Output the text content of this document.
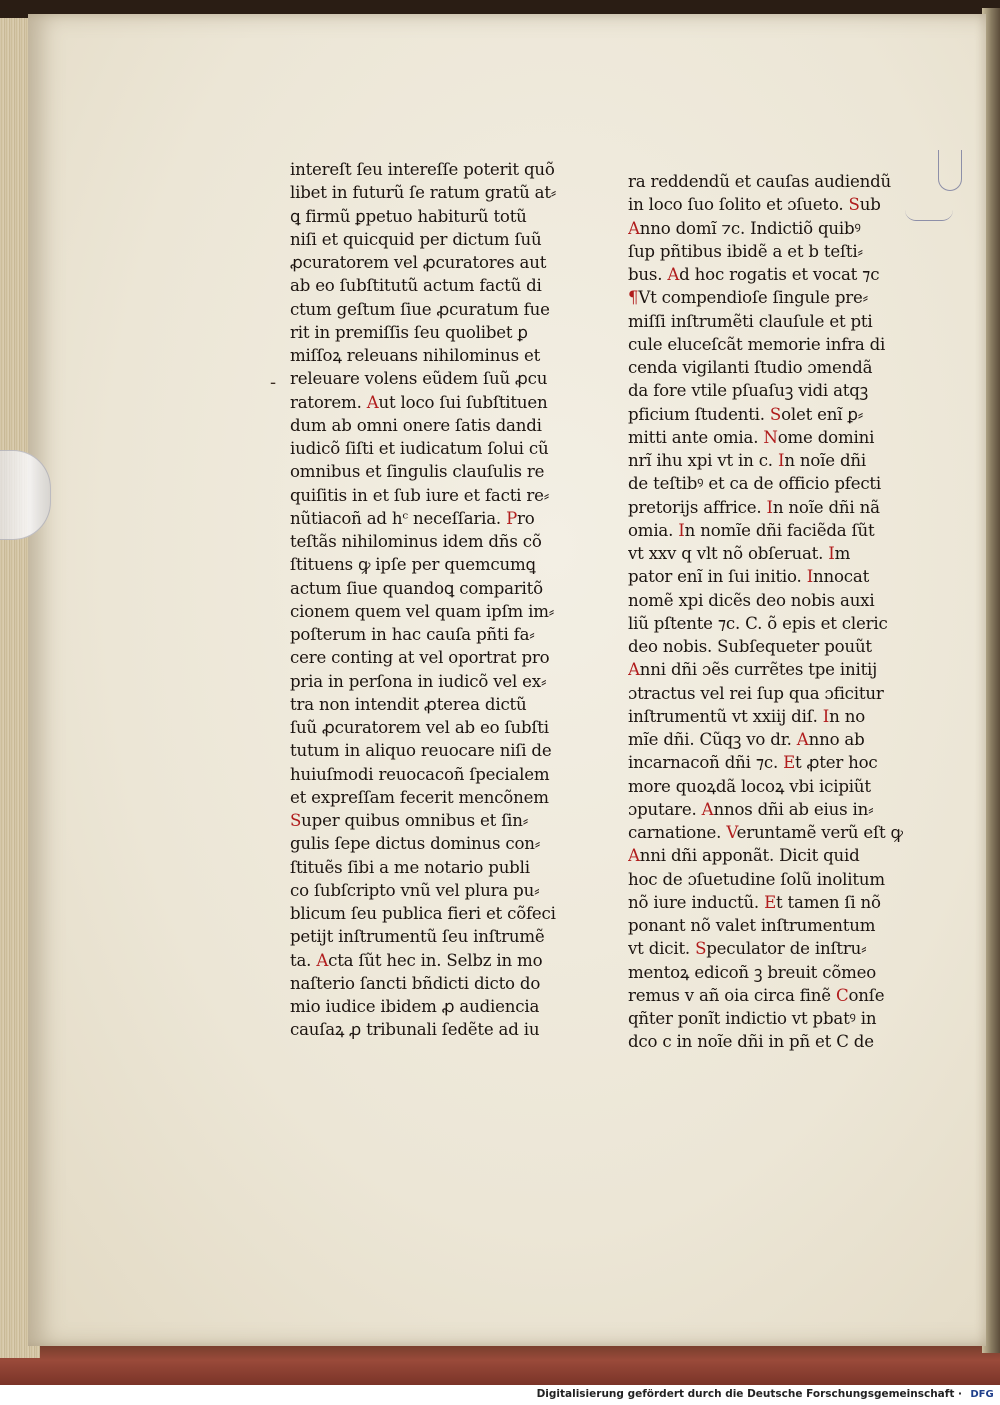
-
intereſt ſeu intereſſe poterit quõ
libet in futurũ ſe ratum gratũ at⸗
ꝗ firmũ ꝑpetuo habiturũ totũ
niſi et quicquid per dictum ſuũ
ꝓcuratorem vel ꝓcuratores aut
ab eo ſubſtitutũ actum factũ di
ctum geſtum ſiue ꝓcuratum fue
rit in premiſſis ſeu quolibet ꝑ
miſſoꝝ releuans nihilominus et
releuare volens eũdem ſuũ ꝓcu
ratorem. Aut loco ſui ſubſtituen
dum ab omni onere ſatis dandi
iudicõ ſiſti et iudicatum ſolui cũ
omnibus et ſingulis clauſulis re
quiſitis in et ſub iure et facti re⸗
nũtiacoñ ad hᶜ neceſſaria. Pro
teſtãs nihilominus idem dñs cõ
ſtituens ꝙ ipſe per quemcumꝗ
actum ſiue quandoꝗ comparitõ
cionem quem vel quam ipſm im⸗
poſterum in hac cauſa pñti fa⸗
cere conting at vel oportrat pro
pria in perſona in iudicõ vel ex⸗
tra non intendit ꝓterea dictũ
ſuũ ꝓcuratorem vel ab eo ſubſti
tutum in aliquo reuocare niſi de
huiuſmodi reuocacoñ ſpecialem
et expreſſam fecerit mencõnem
Super quibus omnibus et ſin⸗
gulis ſepe dictus dominus con⸗
ſtituẽs ſibi a me notario publi
co ſubſcripto vnũ vel plura pu⸗
blicum ſeu publica fieri et cõfeci
petijt inſtrumentũ ſeu inſtrumẽ
ta. Acta ſũt hec in. Selbz in mo
naſterio ſancti bñdicti dicto do
mio iudice ibidem ꝓ audiencia
cauſaꝝ ꝓ tribunali ſedẽte ad iu
ra reddendũ et cauſas audiendũ
in loco ſuo ſolito et ɔſueto. Sub
Anno domĩ ⁊c. Indictiõ quibꝰ
ſup pñtibus ibidẽ a et b teſti⸗
bus. Ad hoc rogatis et vocat ⁊c
¶Vt compendioſe ſingule pre⸗
miſſi inſtrumẽti clauſule et pti
cule eluceſcãt memorie infra di
cenda vigilanti ſtudio ɔmendã
da fore vtile pſuaſuꝫ vidi atqꝫ
pficium ſtudenti. Solet enĩ ꝑ⸗
mitti ante omia. Nome domini
nrĩ ihu xpi vt in c. In noĩe dñi
de teſtibꝰ et ca de officio pfecti
pretorijs affrice. In noĩe dñi nã
omia. In nomĩe dñi faciẽda ſũt
vt xxv q vlt nõ obſeruat. Im
pator enĩ in ſui initio. Innocat
nomẽ xpi dicẽs deo nobis auxi
liũ pſtente ⁊c. C. õ epis et cleric
deo nobis. Subſequeter pouũt
Anni dñi ɔẽs currẽtes tpe initij
ɔtractus vel rei ſup qua ɔficitur
inſtrumentũ vt xxiij diſ. In no
mĩe dñi. Cũqꝫ vo dr. Anno ab
incarnacoñ dñi ⁊c. Et ꝓter hoc
more quoꝝdã locoꝝ vbi icipiũt
ɔputare. Annos dñi ab eius in⸗
carnatione. Veruntamẽ verũ eſt ꝙ
Anni dñi apponãt. Dicit quid
hoc de ɔſuetudine ſolũ inolitum
nõ iure inductũ. Et tamen ſi nõ
ponant nõ valet inſtrumentum
vt dicit. Speculator de inſtru⸗
mentoꝝ edicoñ ꝫ breuit cõmeo
remus v añ oia circa finẽ Conſe
qñter ponĩt indictio vt pbatꝰ in
dco c in noĩe dñi in pñ et C de
Digitalisierung gefördert durch die Deutsche Forschungsgemeinschaft · DFG
